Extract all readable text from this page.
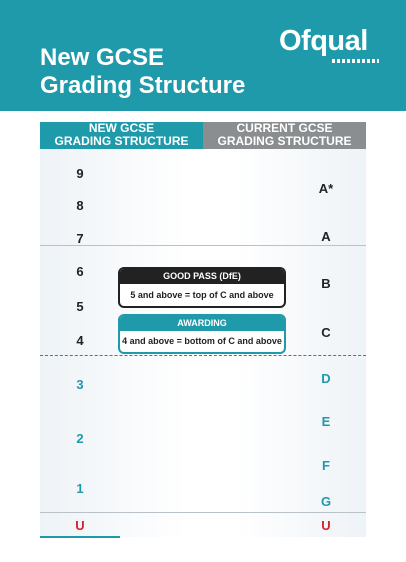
New GCSE
Grading Structure
Ofqual
NEW GCSE
GRADING STRUCTURE
CURRENT GCSE
GRADING STRUCTURE
9
8
7
6
5
4
3
2
1
U
A*
A
B
C
D
E
F
G
U
GOOD PASS (DfE)
5 and above = top of C and above
AWARDING
4 and above = bottom of C and above
